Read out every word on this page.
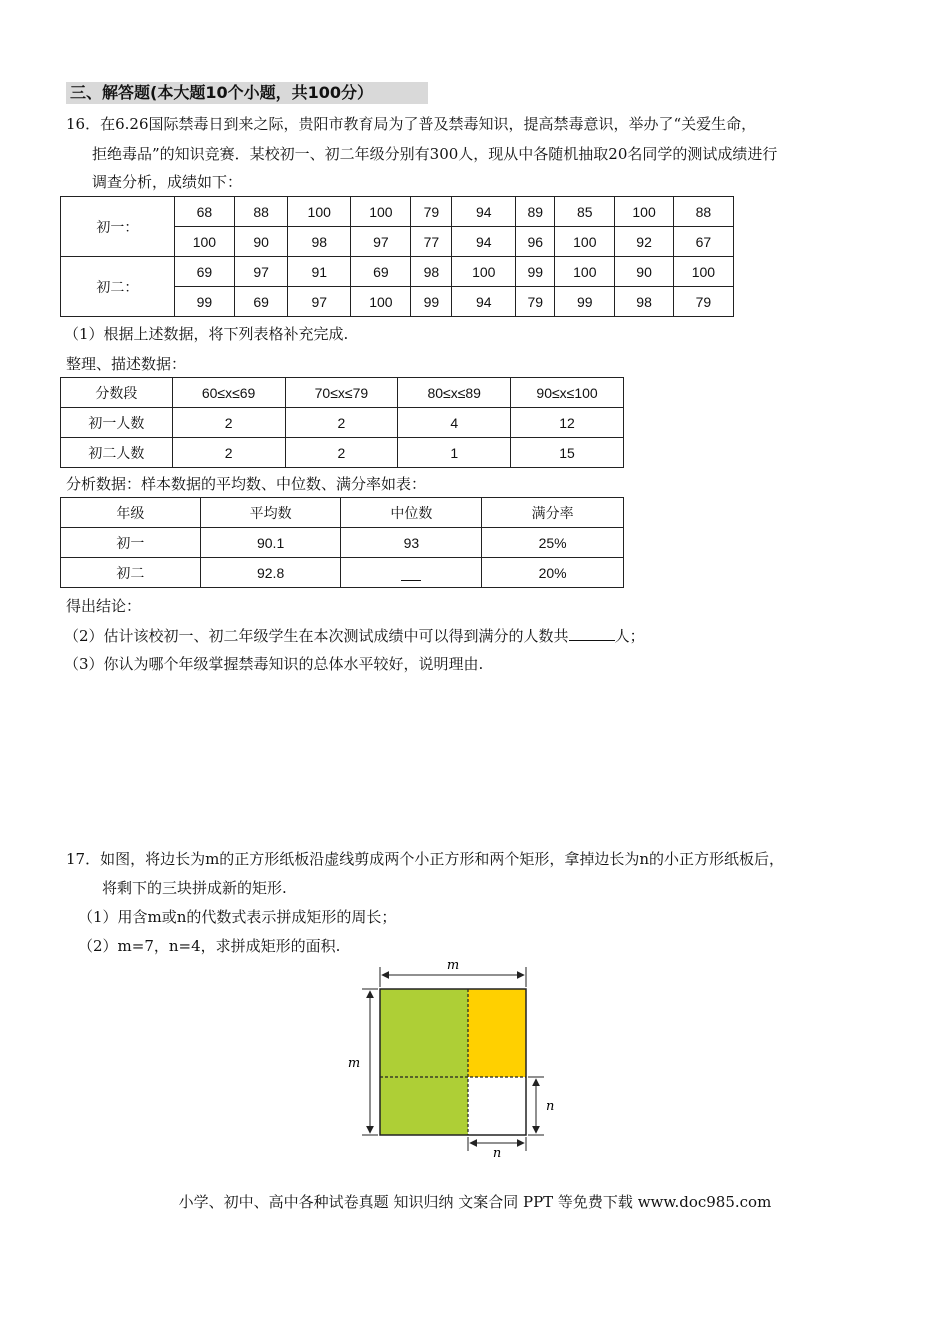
三、解答题(本大题10个小题，共100分）
16．在6.26国际禁毒日到来之际，贵阳市教育局为了普及禁毒知识，提高禁毒意识，举办了“关爱生命，
拒绝毒品”的知识竞赛．某校初一、初二年级分别有300人，现从中各随机抽取20名同学的测试成绩进行
调查分析，成绩如下：
初一：	68	88	100	100	79	94	89	85	100	88
	100	90	98	97	77	94	96	100	92	67
初二：	69	97	91	69	98	100	99	100	90	100
	99	69	97	100	99	94	79	99	98	79
（1）根据上述数据，将下列表格补充完成.
整理、描述数据：
分数段	60≤x≤69	70≤x≤79	80≤x≤89	90≤x≤100
初一人数	2	2	4	12
初二人数	2	2	1	15
分析数据：样本数据的平均数、中位数、满分率如表：
年级	平均数	中位数	满分率
初一	90.1	93	25%
初二	92.8		20%
得出结论：
（2）估计该校初一、初二年级学生在本次测试成绩中可以得到满分的人数共	人；
（3）你认为哪个年级掌握禁毒知识的总体水平较好，说明理由.
17．如图，将边长为m的正方形纸板沿虚线剪成两个小正方形和两个矩形，拿掉边长为n的小正方形纸板后，
将剩下的三块拼成新的矩形.
（1）用含m或n的代数式表示拼成矩形的周长；
（2）m=7，n=4，求拼成矩形的面积.
m
m
n
n
小学、初中、高中各种试卷真题 知识归纳 文案合同 PPT 等免费下载 www.doc985.com
